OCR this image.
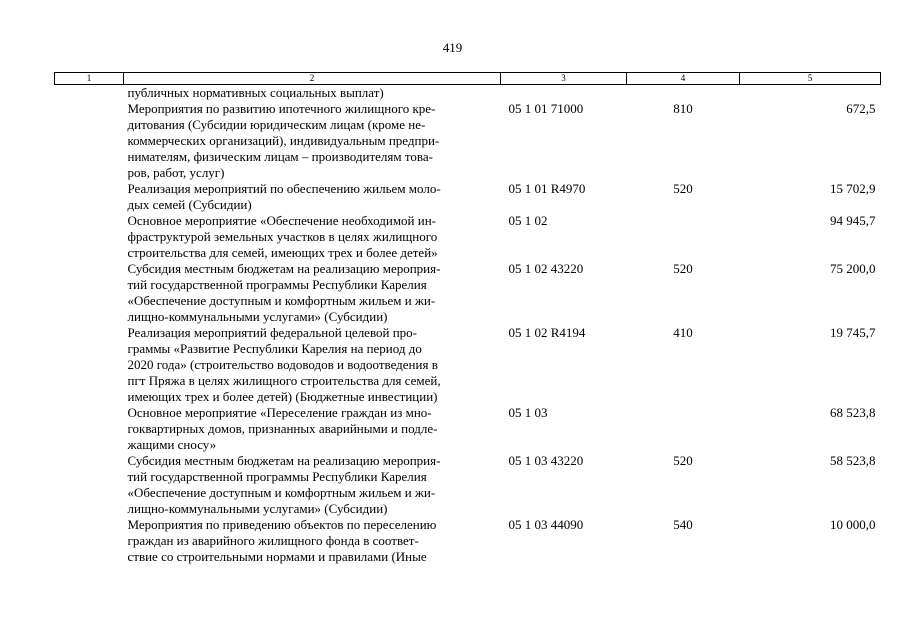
419
1	2	3	4	5
	публичных нормативных социальных выплат)			
	Мероприятия по развитию ипотечного жилищного кре-
дитования (Субсидии юридическим лицам (кроме не-
коммерческих организаций), индивидуальным предпри-
нимателям, физическим лицам – производителям това-
ров, работ, услуг)	05 1 01 71000	810	672,5
	Реализация мероприятий по обеспечению жильем моло-
дых семей (Субсидии)	05 1 01 R4970	520	15 702,9
	Основное мероприятие «Обеспечение необходимой ин-
фраструктурой земельных участков в целях жилищного
строительства для семей, имеющих трех и более детей»	05 1 02		94 945,7
	Субсидия местным бюджетам на реализацию мероприя-
тий государственной программы Республики Карелия
«Обеспечение доступным и комфортным жильем и жи-
лищно-коммунальными услугами» (Субсидии)	05 1 02 43220	520	75 200,0
	Реализация мероприятий федеральной целевой про-
граммы «Развитие Республики Карелия на период до
2020 года» (строительство водоводов и водоотведения в
пгт Пряжа в целях жилищного строительства для семей,
имеющих трех и более детей) (Бюджетные инвестиции)	05 1 02 R4194	410	19 745,7
	Основное мероприятие «Переселение граждан из мно-
гоквартирных домов, признанных аварийными и подле-
жащими сносу»	05 1 03		68 523,8
	Субсидия местным бюджетам на реализацию мероприя-
тий государственной программы Республики Карелия
«Обеспечение доступным и комфортным жильем и жи-
лищно-коммунальными услугами» (Субсидии)	05 1 03 43220	520	58 523,8
	Мероприятия по приведению объектов по переселению
граждан из аварийного жилищного фонда в соответ-
ствие со строительными нормами и правилами (Иные	05 1 03 44090	540	10 000,0
